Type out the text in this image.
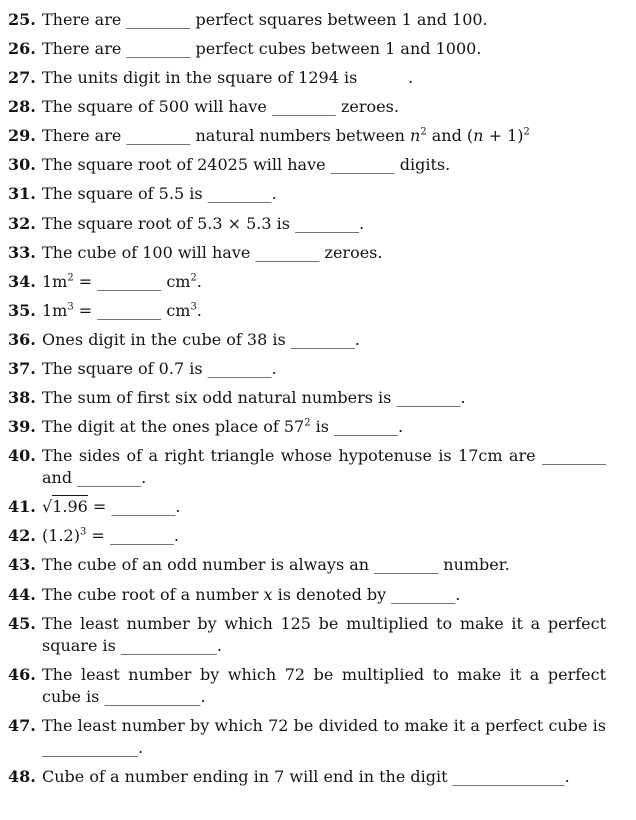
25. There are ________ perfect squares between 1 and 100.
26. There are ________ perfect cubes between 1 and 1000.
27. The units digit in the square of 1294 is	.
28. The square of 500 will have ________ zeroes.
29. There are ________ natural numbers between $n^2$ and $(n + 1)^2$
30. The square root of 24025 will have ________ digits.
31. The square of 5.5 is ________.
32. The square root of 5.3 × 5.3 is ________.
33. The cube of 100 will have ________ zeroes.
34. $1m^2$ = ________ $cm^2$.
35. $1m^3$ = ________ $cm^3$.
36. Ones digit in the cube of 38 is ________.
37. The square of 0.7 is ________.
38. The sum of first six odd natural numbers is ________.
39. The digit at the ones place of $57^2$ is ________.
40. The sides of a right triangle whose hypotenuse is 17cm are ________ and ________.
41. √1.96 = ________.
42. $(1.2)^3$ = ________.
43. The cube of an odd number is always an ________ number.
44. The cube root of a number x is denoted by ________.
45. The least number by which 125 be multiplied to make it a perfect square is ____________.
46. The least number by which 72 be multiplied to make it a perfect cube is ____________.
47. The least number by which 72 be divided to make it a perfect cube is ____________.
48. Cube of a number ending in 7 will end in the digit ______________.
